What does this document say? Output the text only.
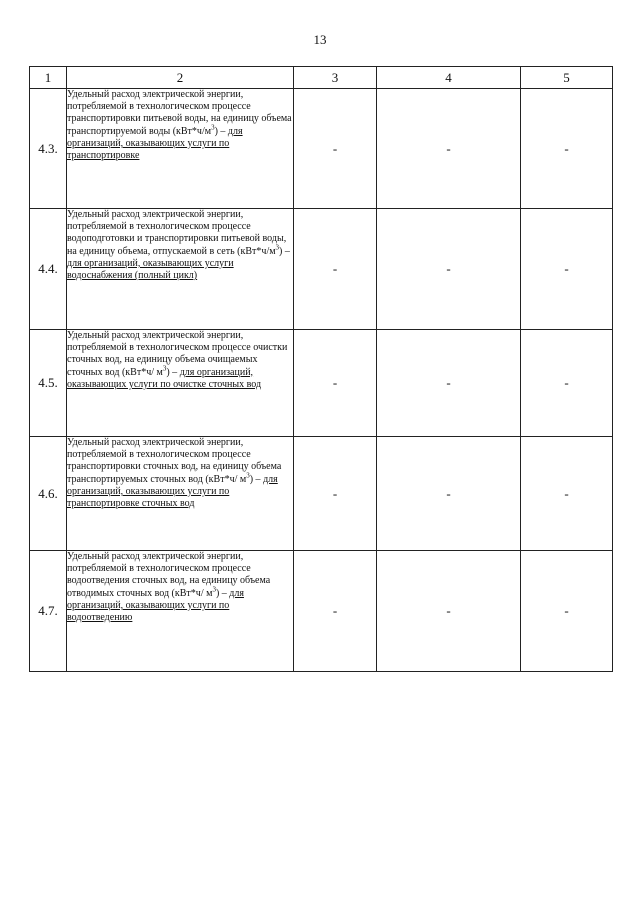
13
1	2	3	4	5
4.3.	Удельный расход электрической энергии, потребляемой в технологическом процессе транспортировки питьевой воды, на единицу объема транспортируемой воды $(кВт*ч/м^3)$ – для организаций, оказывающих услуги по транспортировке	-	-	-
4.4.	Удельный расход электрической энергии, потребляемой в технологическом процессе водоподготовки и транспортировки питьевой воды, на единицу объема, отпускаемой в сеть $(кВт*ч/м^3)$ – для организаций, оказывающих услуги водоснабжения (полный цикл)	-	-	-
4.5.	Удельный расход электрической энергии, потребляемой в технологическом процессе очистки сточных вод, на единицу объема очищаемых сточных вод (кВт*ч/ $м^3$) – для организаций, оказывающих услуги по очистке сточных вод	-	-	-
4.6.	Удельный расход электрической энергии, потребляемой в технологическом процессе транспортировки сточных вод, на единицу объема транспортируемых сточных вод (кВт*ч/ $м^3$) – для организаций, оказывающих услуги по транспортировке сточных вод	-	-	-
4.7.	Удельный расход электрической энергии, потребляемой в технологическом процессе водоотведения сточных вод, на единицу объема отводимых сточных вод (кВт*ч/ $м^3$) – для организаций, оказывающих услуги по водоотведению	-	-	-
